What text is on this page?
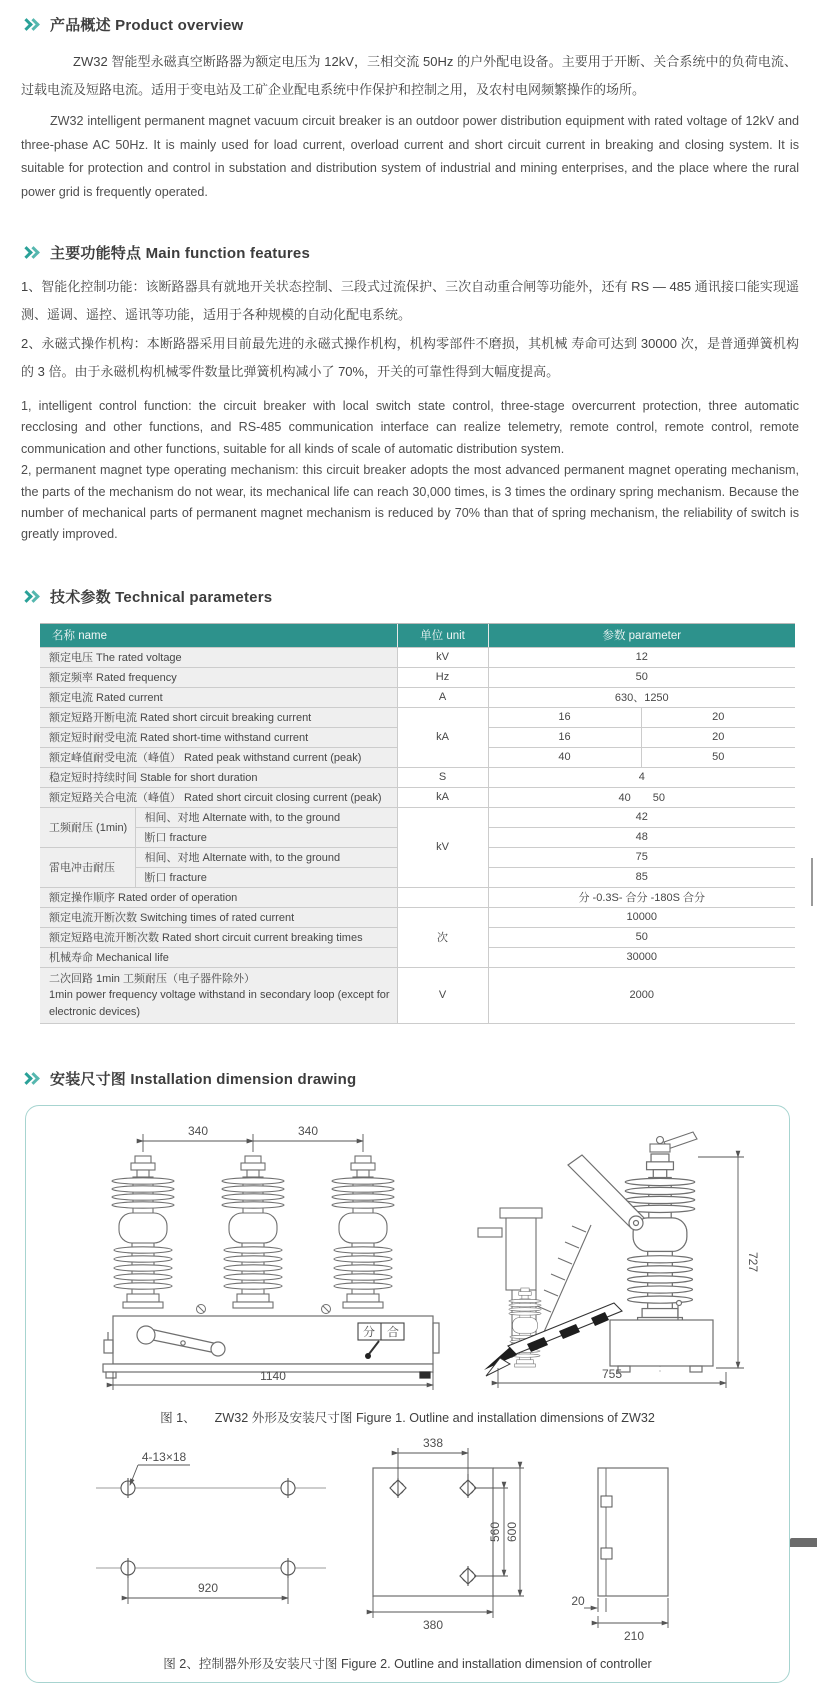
产品概述 Product overview

ZW32 智能型永磁真空断路器为额定电压为 12kV，三相交流 50Hz 的户外配电设备。主要用于开断、关合系统中的负荷电流、过载电流及短路电流。适用于变电站及工矿企业配电系统中作保护和控制之用，及农村电网频繁操作的场所。

ZW32 intelligent permanent magnet vacuum circuit breaker is an outdoor power distribution equipment with rated voltage of 12kV and three-phase AC 50Hz. It is mainly used for load current, overload current and short circuit current in breaking and closing system. It is suitable for protection and control in substation and distribution system of industrial and mining enterprises, and the place where the rural power grid is frequently operated.

主要功能特点 Main function features

1、智能化控制功能：该断路器具有就地开关状态控制、三段式过流保护、三次自动重合闸等功能外，还有 RS — 485 通讯接口能实现遥测、遥调、遥控、遥讯等功能，适用于各种规模的自动化配电系统。

2、永磁式操作机构：本断路器采用目前最先进的永磁式操作机构，机构零部件不磨损，其机械 寿命可达到 30000 次，是普通弹簧机构的 3 倍。由于永磁机构机械零件数量比弹簧机构减小了 70%，开关的可靠性得到大幅度提高。

1, intelligent control function: the circuit breaker with local switch state control, three-stage overcurrent protection, three automatic recclosing and other functions, and RS-485 communication interface can realize telemetry, remote control, remote control, remote communication and other functions, suitable for all kinds of scale of automatic distribution system.

2, permanent magnet type operating mechanism: this circuit breaker adopts the most advanced permanent magnet operating mechanism, the parts of the mechanism do not wear, its mechanical life can reach 30,000 times, is 3 times the ordinary spring mechanism. Because the number of mechanical parts of permanent magnet mechanism is reduced by 70% than that of spring mechanism, the reliability of switch is greatly improved.

技术参数 Technical parameters
名称 name		单位 unit	参数 parameter	
额定电压 The rated voltage		kV	12	
额定频率 Rated frequency		Hz	50	
额定电流 Rated current		A	630、1250	
额定短路开断电流 Rated short circuit breaking current		kA	16	20
额定短时耐受电流 Rated short-time withstand current			16	20
额定峰值耐受电流（峰值） Rated peak withstand current (peak)			40	50
稳定短时持续时间 Stable for short duration		S	4	
额定短路关合电流（峰值） Rated short circuit closing current (peak)		kA	40　　50	
工频耐压 (1min)	相间、对地 Alternate with, to the ground	kV	42	
	断口 fracture		48	
雷电冲击耐压	相间、对地 Alternate with, to the ground		75	
	断口 fracture		85	
额定操作顺序 Rated order of operation			分 -0.3S- 合分 -180S 合分	
额定电流开断次数 Switching times of rated current		次	10000	
额定短路电流开断次数 Rated short circuit current breaking times			50	
机械寿命 Mechanical life			30000	

二次回路 1min 工频耐压（电子器件除外）
1min power frequency voltage withstand in secondary loop (except for electronic devices)		V	2000	
安装尺寸图 Installation dimension drawing
分 合
340	340
1140
727
755
图 1、　　ZW32 外形及安装尺寸图 Figure 1. Outline and installation dimensions of ZW32
4-13×18
920
338
560 600
380
20
210
图 2、控制器外形及安装尺寸图 Figure 2. Outline and installation dimension of controller
